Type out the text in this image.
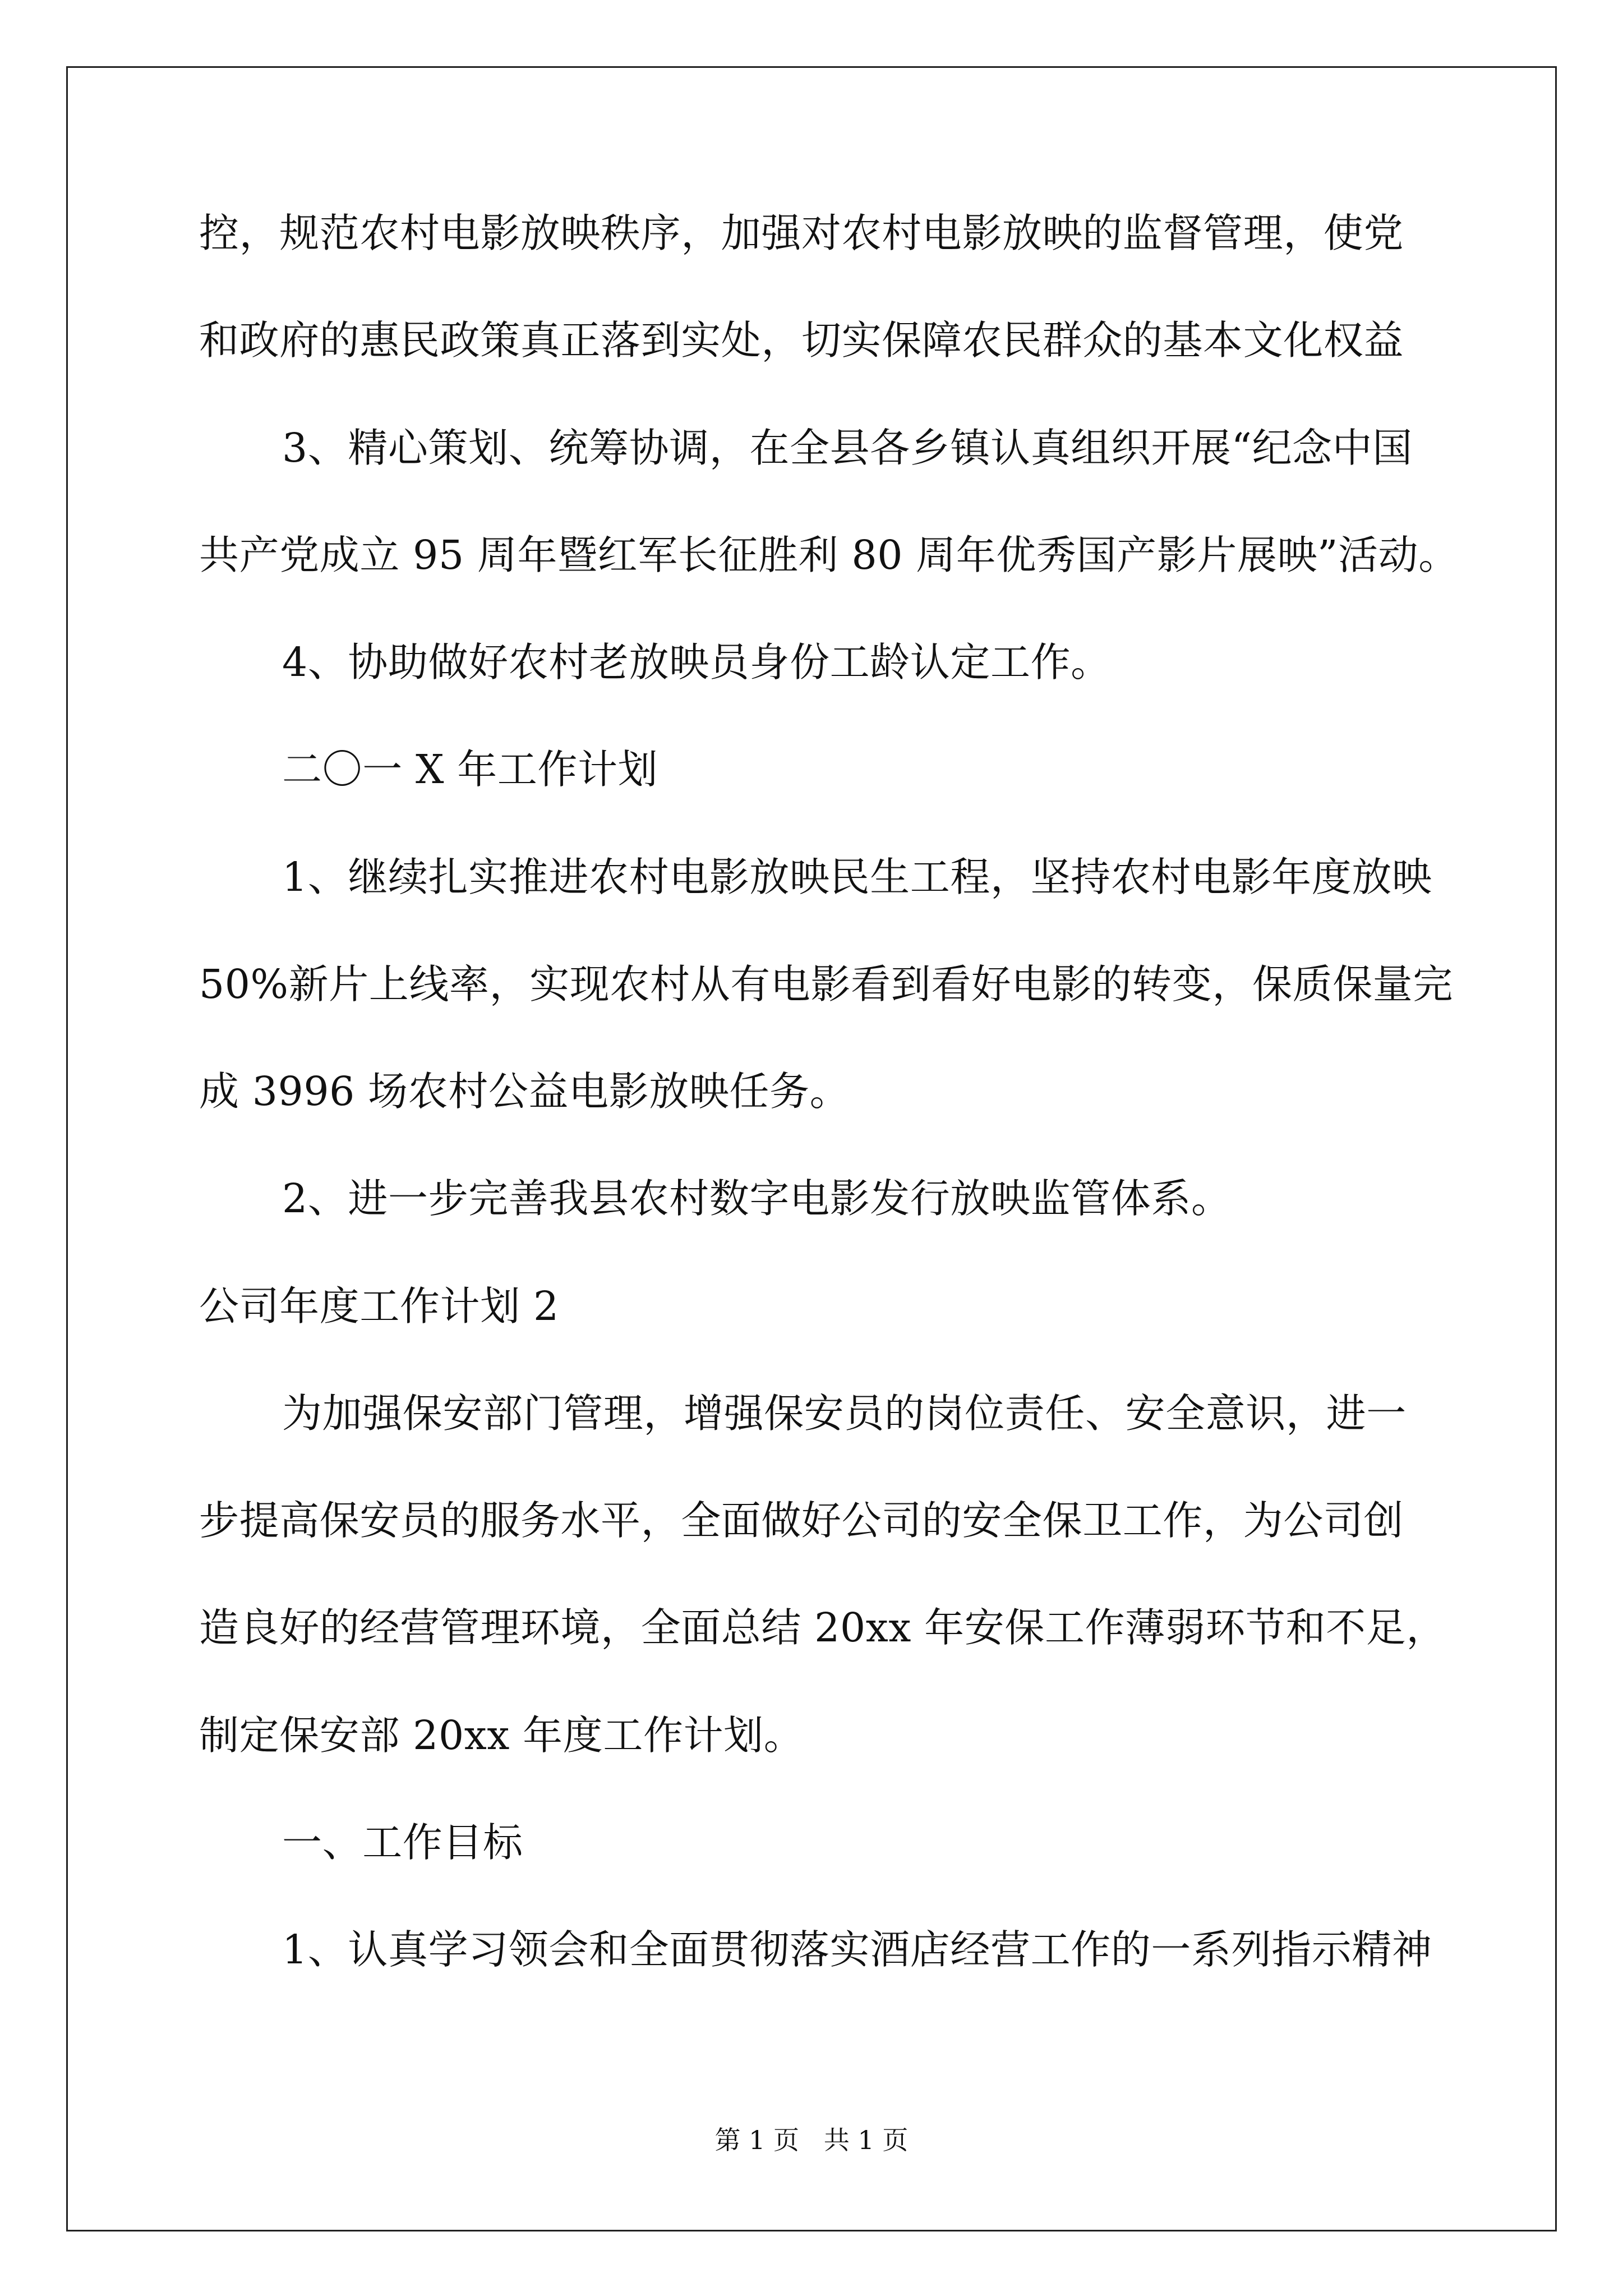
控，规范农村电影放映秩序，加强对农村电影放映的监督管理，使党
和政府的惠民政策真正落到实处，切实保障农民群众的基本文化权益
3、精心策划、统筹协调，在全县各乡镇认真组织开展“纪念中国
共产党成立 95 周年暨红军长征胜利 80 周年优秀国产影片展映”活动。
4、协助做好农村老放映员身份工龄认定工作。
二〇一 X 年工作计划
1、继续扎实推进农村电影放映民生工程，坚持农村电影年度放映
50%新片上线率，实现农村从有电影看到看好电影的转变，保质保量完
成 3996 场农村公益电影放映任务。
2、进一步完善我县农村数字电影发行放映监管体系。
公司年度工作计划 2
为加强保安部门管理，增强保安员的岗位责任、安全意识，进一
步提高保安员的服务水平，全面做好公司的安全保卫工作，为公司创
造良好的经营管理环境，全面总结 20xx 年安保工作薄弱环节和不足，
制定保安部 20xx 年度工作计划。
一、工作目标
1、认真学习领会和全面贯彻落实酒店经营工作的一系列指示精神
第 1 页   共 1 页
